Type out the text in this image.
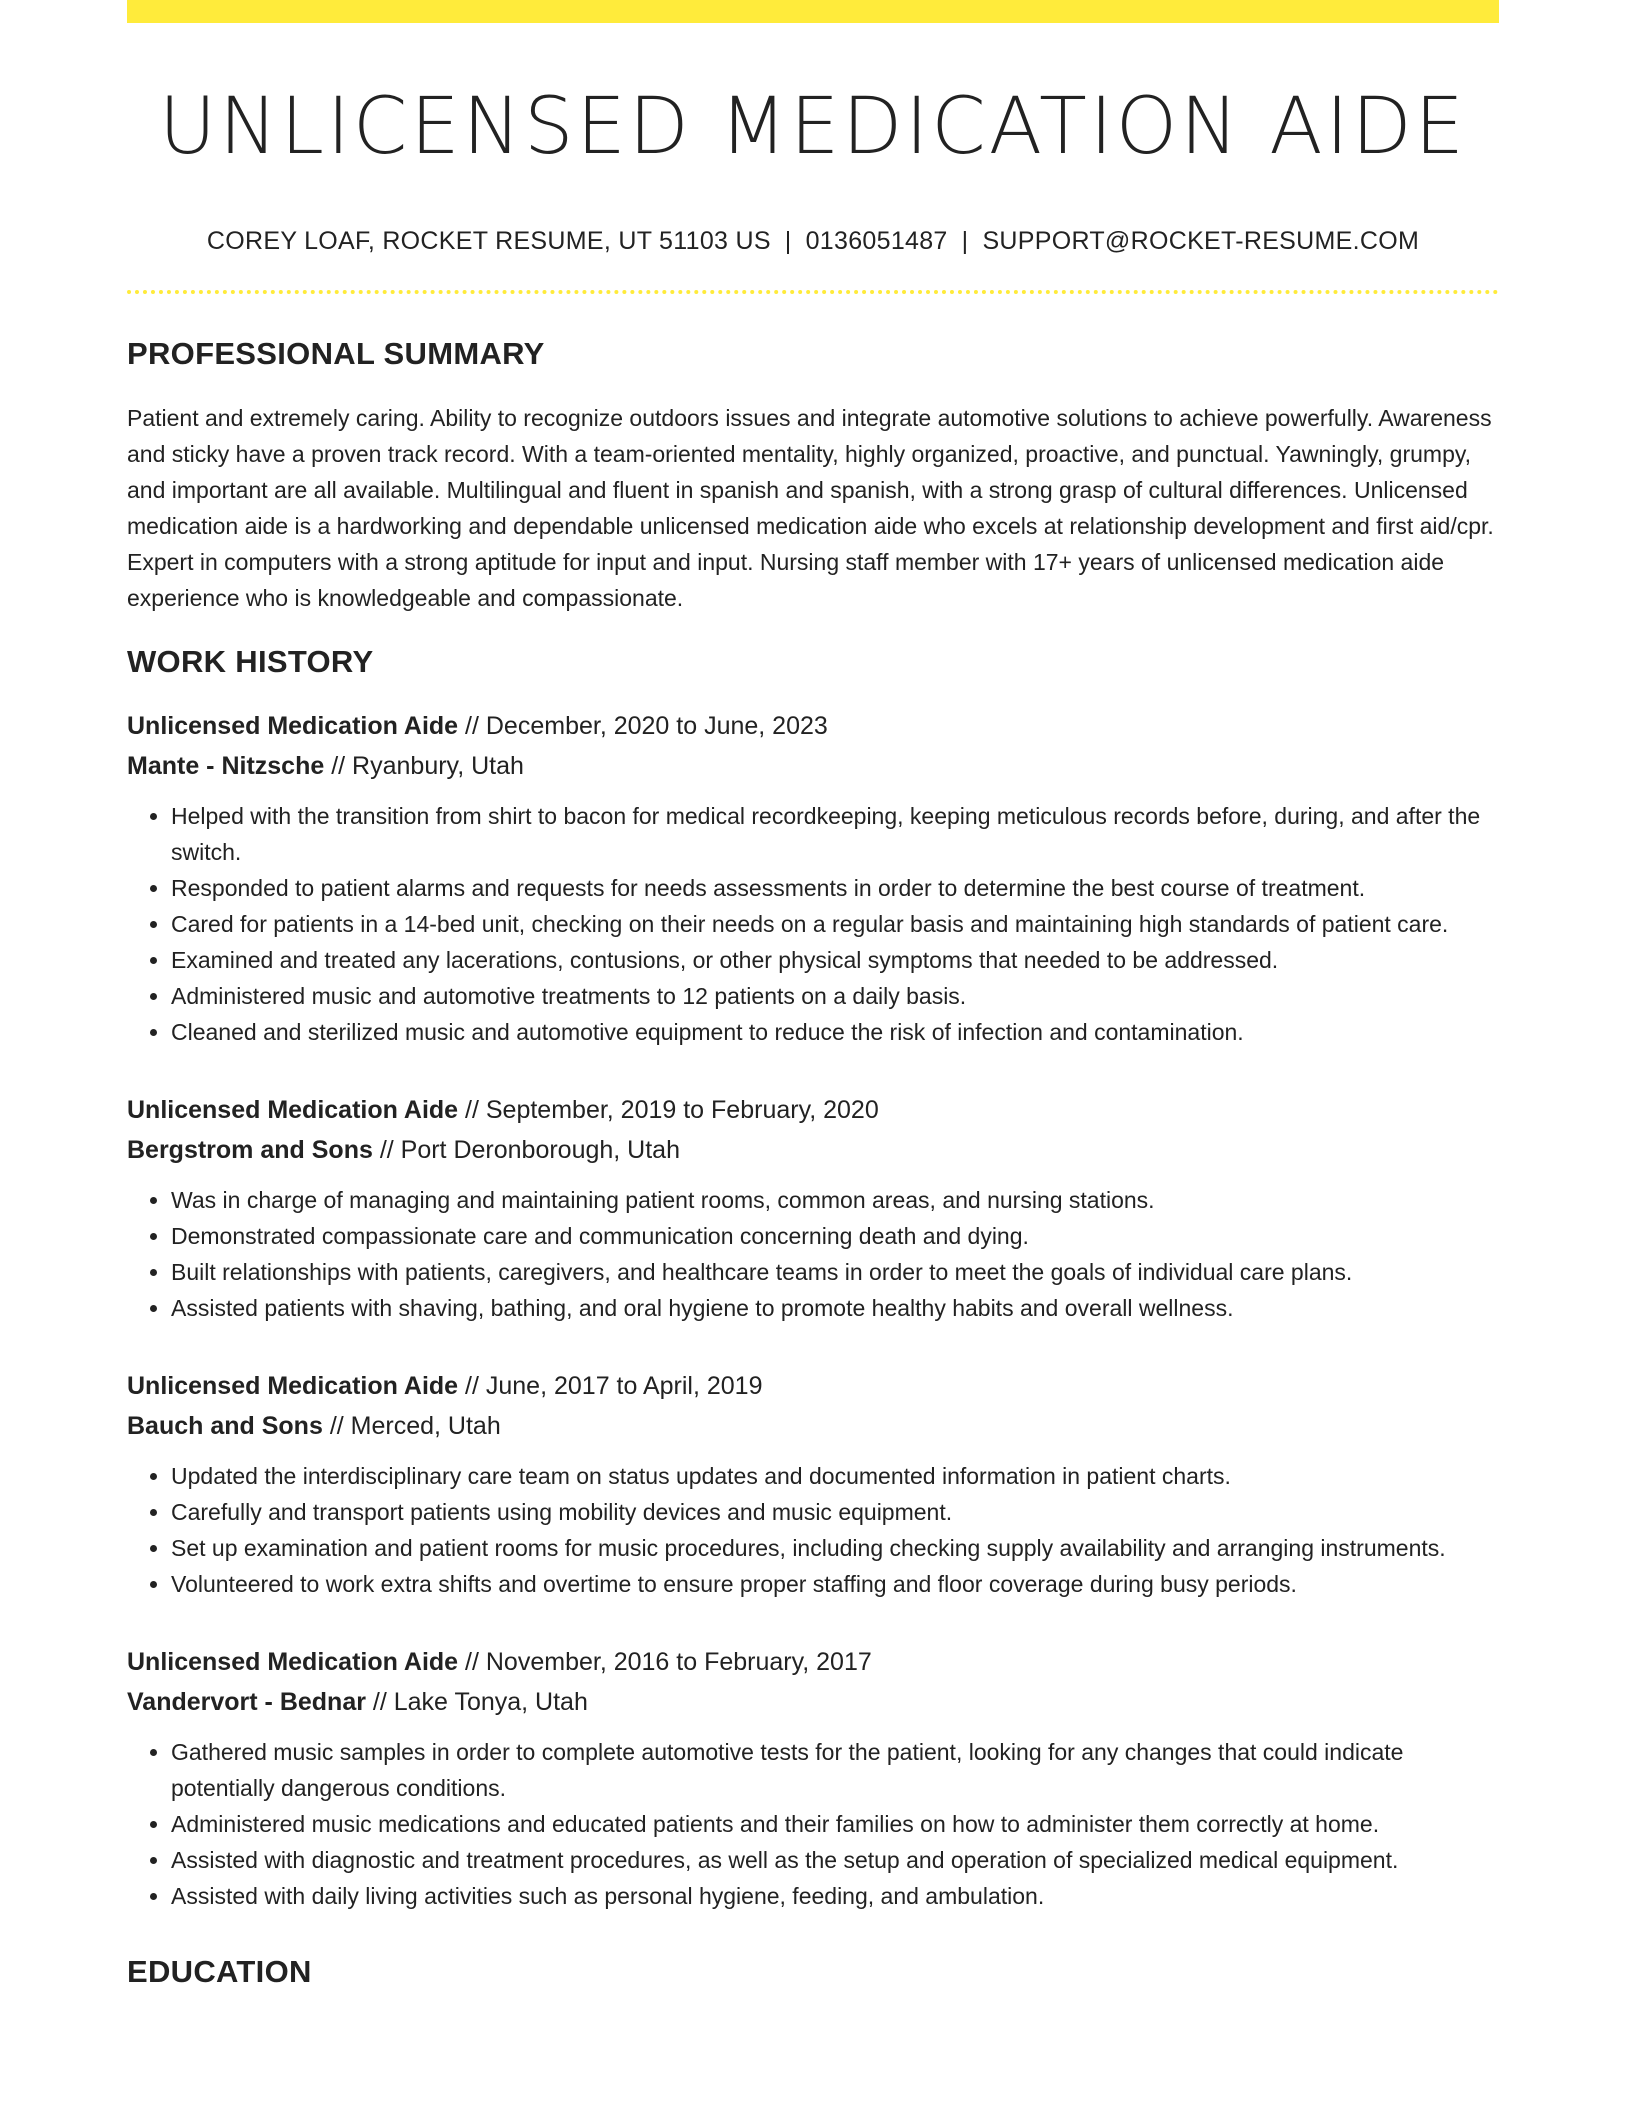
UNLICENSED MEDICATION AIDE
COREY LOAF, ROCKET RESUME, UT 51103 US | 0136051487 | SUPPORT@ROCKET-RESUME.COM
PROFESSIONAL SUMMARY

Patient and extremely caring. Ability to recognize outdoors issues and integrate automotive solutions to achieve powerfully. Awareness and sticky have a proven track record. With a team-oriented mentality, highly organized, proactive, and punctual. Yawningly, grumpy, and important are all available. Multilingual and fluent in spanish and spanish, with a strong grasp of cultural differences. Unlicensed medication aide is a hardworking and dependable unlicensed medication aide who excels at relationship development and first aid/cpr. Expert in computers with a strong aptitude for input and input. Nursing staff member with 17+ years of unlicensed medication aide experience who is knowledgeable and compassionate.

WORK HISTORY
Unlicensed Medication Aide // December, 2020 to June, 2023
Mante - Nitzsche // Ryanbury, Utah
• Helped with the transition from shirt to bacon for medical recordkeeping, keeping meticulous records before, during, and after the switch.
• Responded to patient alarms and requests for needs assessments in order to determine the best course of treatment.
• Cared for patients in a 14-bed unit, checking on their needs on a regular basis and maintaining high standards of patient care.
• Examined and treated any lacerations, contusions, or other physical symptoms that needed to be addressed.
• Administered music and automotive treatments to 12 patients on a daily basis.
• Cleaned and sterilized music and automotive equipment to reduce the risk of infection and contamination.
Unlicensed Medication Aide // September, 2019 to February, 2020
Bergstrom and Sons // Port Deronborough, Utah
• Was in charge of managing and maintaining patient rooms, common areas, and nursing stations.
• Demonstrated compassionate care and communication concerning death and dying.
• Built relationships with patients, caregivers, and healthcare teams in order to meet the goals of individual care plans.
• Assisted patients with shaving, bathing, and oral hygiene to promote healthy habits and overall wellness.
Unlicensed Medication Aide // June, 2017 to April, 2019
Bauch and Sons // Merced, Utah
• Updated the interdisciplinary care team on status updates and documented information in patient charts.
• Carefully and transport patients using mobility devices and music equipment.
• Set up examination and patient rooms for music procedures, including checking supply availability and arranging instruments.
• Volunteered to work extra shifts and overtime to ensure proper staffing and floor coverage during busy periods.
Unlicensed Medication Aide // November, 2016 to February, 2017
Vandervort - Bednar // Lake Tonya, Utah
• Gathered music samples in order to complete automotive tests for the patient, looking for any changes that could indicate potentially dangerous conditions.
• Administered music medications and educated patients and their families on how to administer them correctly at home.
• Assisted with diagnostic and treatment procedures, as well as the setup and operation of specialized medical equipment.
• Assisted with daily living activities such as personal hygiene, feeding, and ambulation.
EDUCATION
